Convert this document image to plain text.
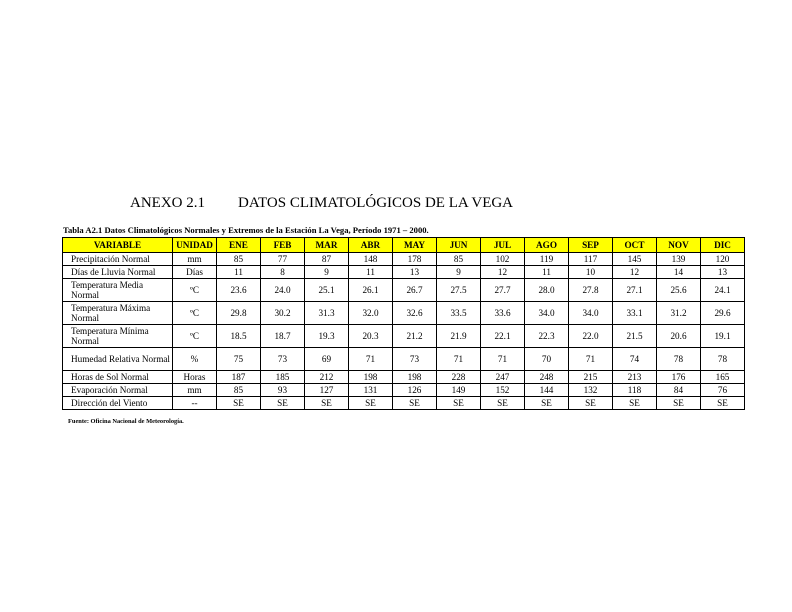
ANEXO 2.1 DATOS CLIMATOLÓGICOS DE LA VEGA
Tabla A2.1 Datos Climatológicos Normales y Extremos de la Estación La Vega, Período 1971 – 2000.
VARIABLE	UNIDAD	ENE	FEB	MAR	ABR	MAY	JUN	JUL	AGO	SEP	OCT	NOV	DIC
Precipitación Normal	mm	85	77	87	148	178	85	102	119	117	145	139	120
Días de Lluvia Normal	Días	11	8	9	11	13	9	12	11	10	12	14	13
Temperatura Media Normal	ºC	23.6	24.0	25.1	26.1	26.7	27.5	27.7	28.0	27.8	27.1	25.6	24.1
Temperatura Máxima Normal	ºC	29.8	30.2	31.3	32.0	32.6	33.5	33.6	34.0	34.0	33.1	31.2	29.6
Temperatura Mínima Normal	ºC	18.5	18.7	19.3	20.3	21.2	21.9	22.1	22.3	22.0	21.5	20.6	19.1
Humedad Relativa Normal	%	75	73	69	71	73	71	71	70	71	74	78	78
Horas de Sol Normal	Horas	187	185	212	198	198	228	247	248	215	213	176	165
Evaporación Normal	mm	85	93	127	131	126	149	152	144	132	118	84	76
Dirección del Viento	--	SE	SE	SE	SE	SE	SE	SE	SE	SE	SE	SE	SE
Fuente: Oficina Nacional de Meteorología.
